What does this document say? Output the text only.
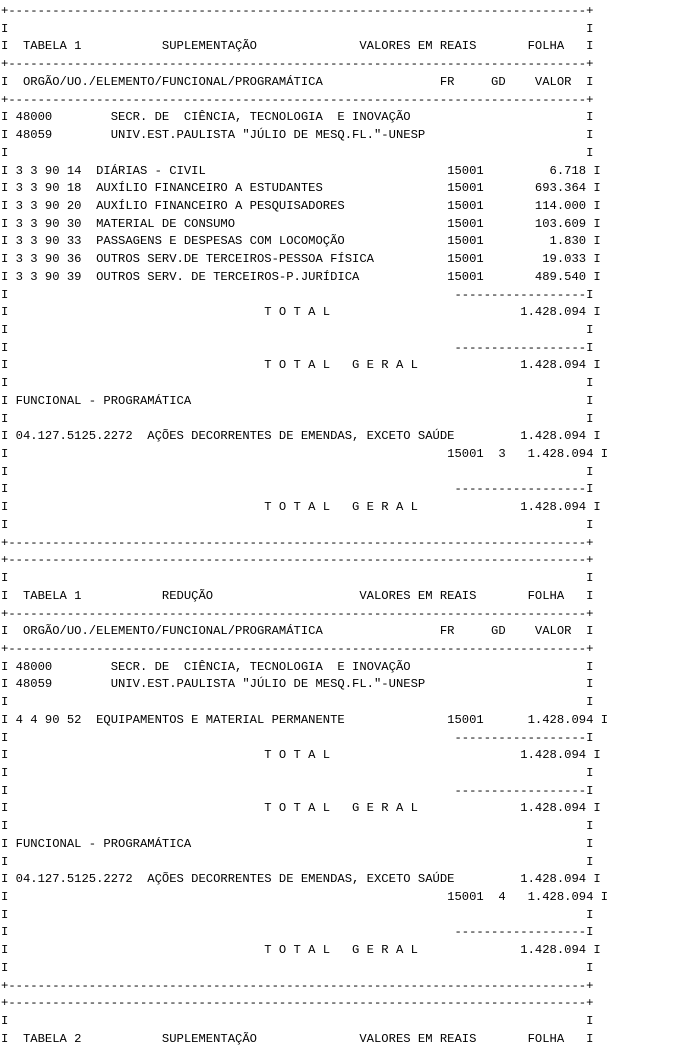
+-------------------------------------------------------------------------------+
I                                                                               I
I  TABELA 1           SUPLEMENTAÇÃO              VALORES EM REAIS       FOLHA   I
+-------------------------------------------------------------------------------+
I  ORGÃO/UO./ELEMENTO/FUNCIONAL/PROGRAMÁTICA                FR     GD    VALOR  I
+-------------------------------------------------------------------------------+
I 48000        SECR. DE  CIÊNCIA, TECNOLOGIA  E INOVAÇÃO                        I
I 48059        UNIV.EST.PAULISTA "JÚLIO DE MESQ.FL."-UNESP                      I
I                                                                               I
I 3 3 90 14  DIÁRIAS - CIVIL                                 15001         6.718 I
I 3 3 90 18  AUXÍLIO FINANCEIRO A ESTUDANTES                 15001       693.364 I
I 3 3 90 20  AUXÍLIO FINANCEIRO A PESQUISADORES              15001       114.000 I
I 3 3 90 30  MATERIAL DE CONSUMO                             15001       103.609 I
I 3 3 90 33  PASSAGENS E DESPESAS COM LOCOMOÇÃO              15001         1.830 I
I 3 3 90 36  OUTROS SERV.DE TERCEIROS-PESSOA FÍSICA          15001        19.033 I
I 3 3 90 39  OUTROS SERV. DE TERCEIROS-P.JURÍDICA            15001       489.540 I
I                                                             ------------------I
I                                   T O T A L                          1.428.094 I
I                                                                               I
I                                                             ------------------I
I                                   T O T A L   G E R A L              1.428.094 I
I                                                                               I
I FUNCIONAL - PROGRAMÁTICA                                                      I
I                                                                               I
I 04.127.5125.2272  AÇÕES DECORRENTES DE EMENDAS, EXCETO SAÚDE         1.428.094 I
I                                                            15001  3   1.428.094 I
I                                                                               I
I                                                             ------------------I
I                                   T O T A L   G E R A L              1.428.094 I
I                                                                               I
+-------------------------------------------------------------------------------+
+-------------------------------------------------------------------------------+
I                                                                               I
I  TABELA 1           REDUÇÃO                    VALORES EM REAIS       FOLHA   I
+-------------------------------------------------------------------------------+
I  ORGÃO/UO./ELEMENTO/FUNCIONAL/PROGRAMÁTICA                FR     GD    VALOR  I
+-------------------------------------------------------------------------------+
I 48000        SECR. DE  CIÊNCIA, TECNOLOGIA  E INOVAÇÃO                        I
I 48059        UNIV.EST.PAULISTA "JÚLIO DE MESQ.FL."-UNESP                      I
I                                                                               I
I 4 4 90 52  EQUIPAMENTOS E MATERIAL PERMANENTE              15001      1.428.094 I
I                                                             ------------------I
I                                   T O T A L                          1.428.094 I
I                                                                               I
I                                                             ------------------I
I                                   T O T A L   G E R A L              1.428.094 I
I                                                                               I
I FUNCIONAL - PROGRAMÁTICA                                                      I
I                                                                               I
I 04.127.5125.2272  AÇÕES DECORRENTES DE EMENDAS, EXCETO SAÚDE         1.428.094 I
I                                                            15001  4   1.428.094 I
I                                                                               I
I                                                             ------------------I
I                                   T O T A L   G E R A L              1.428.094 I
I                                                                               I
+-------------------------------------------------------------------------------+
+-------------------------------------------------------------------------------+
I                                                                               I
I  TABELA 2           SUPLEMENTAÇÃO              VALORES EM REAIS       FOLHA   I
